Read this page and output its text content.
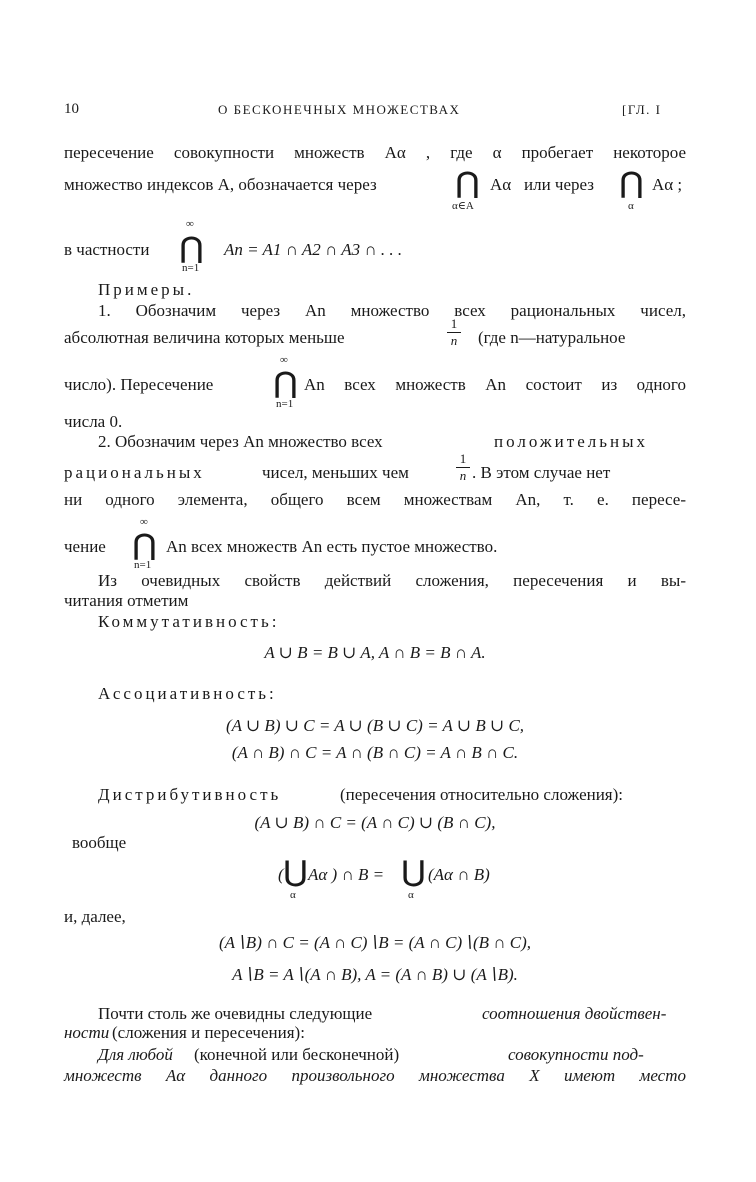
10	О БЕСКОНЕЧНЫХ МНОЖЕСТВАХ	[ГЛ. I
пересечение совокупности множеств Aα , где α пробегает некоторое
множество индексов A, обозначается через	⋂ Aα или через ⋂ Aα ;
α∈A	α
∞
в частности ⋂ An = A1 ∩ A2 ∩ A3 ∩ . . .
n=1
Примеры.
1. Обозначим через An множество всех рациональных чисел,
абсолютная величина которых меньше
1
n (где n—натуральное
∞
число). Пересечение ⋂ An всех множеств An состоит из одного
n=1
числа 0.
2. Обозначим через An множество всех	положительных
рациональных	чисел, меньших чем
1
n . В этом случае нет
ни одного элемента, общего всем множествам An, т. е. пересе-
∞
чение ⋂ An всех множеств An есть пустое множество.
n=1
Из очевидных свойств действий сложения, пересечения и вы-
читания отметим
Коммутативность:
A ∪ B = B ∪ A, A ∩ B = B ∩ A.
Ассоциативность:
(A ∪ B) ∪ C = A ∪ (B ∪ C) = A ∪ B ∪ C,
(A ∩ B) ∩ C = A ∩ (B ∩ C) = A ∩ B ∩ C.
Дистрибутивность	(пересечения относительно сложения):
(A ∪ B) ∩ C = (A ∩ C) ∪ (B ∩ C),
вообще
( ⋃ Aα ) ∩ B = ⋃ (Aα ∩ B)
α	α
и, далее,
(A∖B) ∩ C = (A ∩ C)∖B = (A ∩ C)∖(B ∩ C),
A∖B = A∖(A ∩ B), A = (A ∩ B) ∪ (A∖B).
Почти столь же очевидны следующие	соотношения двойствен-
ности (сложения и пересечения):
Для любой (конечной или бесконечной)	совокупности под-
множеств Aα данного произвольного множества X имеют место
